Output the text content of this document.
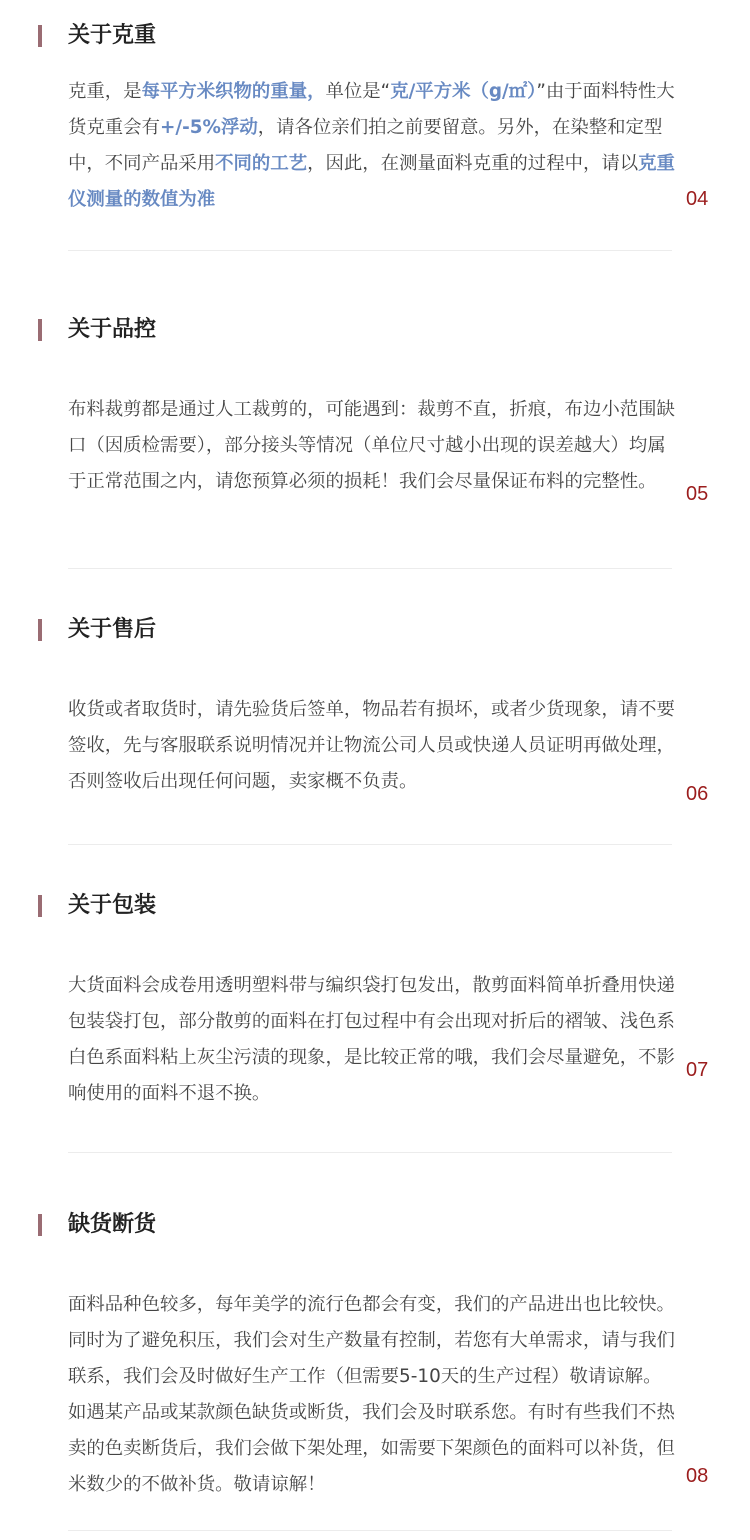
关于克重

克重，是每平方米织物的重量，单位是“克/平方米（g/㎡）”由于面料特性大货克重会有+/-5%浮动，请各位亲们拍之前要留意。另外，在染整和定型中，不同产品采用不同的工艺，因此，在测量面料克重的过程中，请以克重仪测量的数值为准	04
关于品控

布料裁剪都是通过人工裁剪的，可能遇到：裁剪不直，折痕，布边小范围缺口（因质检需要），部分接头等情况（单位尺寸越小出现的误差越大）均属于正常范围之内，请您预算必须的损耗！我们会尽量保证布料的完整性。

05
关于售后

收货或者取货时，请先验货后签单，物品若有损坏，或者少货现象，请不要签收，先与客服联系说明情况并让物流公司人员或快递人员证明再做处理，否则签收后出现任何问题，卖家概不负责。

06
关于包装

大货面料会成卷用透明塑料带与编织袋打包发出，散剪面料简单折叠用快递包装袋打包，部分散剪的面料在打包过程中有会出现对折后的褶皱、浅色系白色系面料粘上灰尘污渍的现象，是比较正常的哦，我们会尽量避免，不影响使用的面料不退不换。

07
缺货断货

面料品种色较多，每年美学的流行色都会有变，我们的产品进出也比较快。同时为了避免积压，我们会对生产数量有控制，若您有大单需求，请与我们联系，我们会及时做好生产工作（但需要5-10天的生产过程）敬请谅解。如遇某产品或某款颜色缺货或断货，我们会及时联系您。有时有些我们不热卖的色卖断货后，我们会做下架处理，如需要下架颜色的面料可以补货，但米数少的不做补货。敬请谅解！	08
